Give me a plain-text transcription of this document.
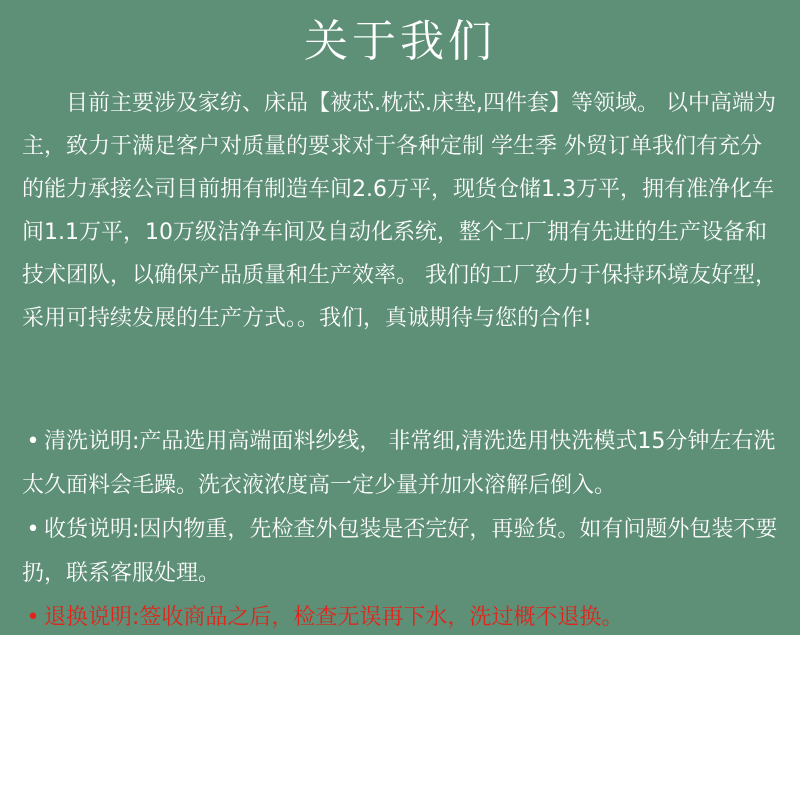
关于我们

目前主要涉及家纺、床品【被芯.枕芯.床垫,四件套】等领域。 以中高端为主，致力于满足客户对质量的要求对于各种定制 学生季 外贸订单我们有充分的能力承接公司目前拥有制造车间2.6万平，现货仓储1.3万平，拥有准净化车间1.1万平，10万级洁净车间及自动化系统，整个工厂拥有先进的生产设备和技术团队，以确保产品质量和生产效率。 我们的工厂致力于保持环境友好型，采用可持续发展的生产方式。。我们，真诚期待与您的合作!

• 清洗说明:产品选用高端面料纱线， 非常细,清洗选用快洗模式15分钟左右洗太久面料会毛躁。洗衣液浓度高一定少量并加水溶解后倒入。
• 收货说明:因内物重，先检查外包装是否完好，再验货。如有问题外包装不要扔，联系客服处理。
• 退换说明:签收商品之后，检查无误再下水，洗过概不退换。
